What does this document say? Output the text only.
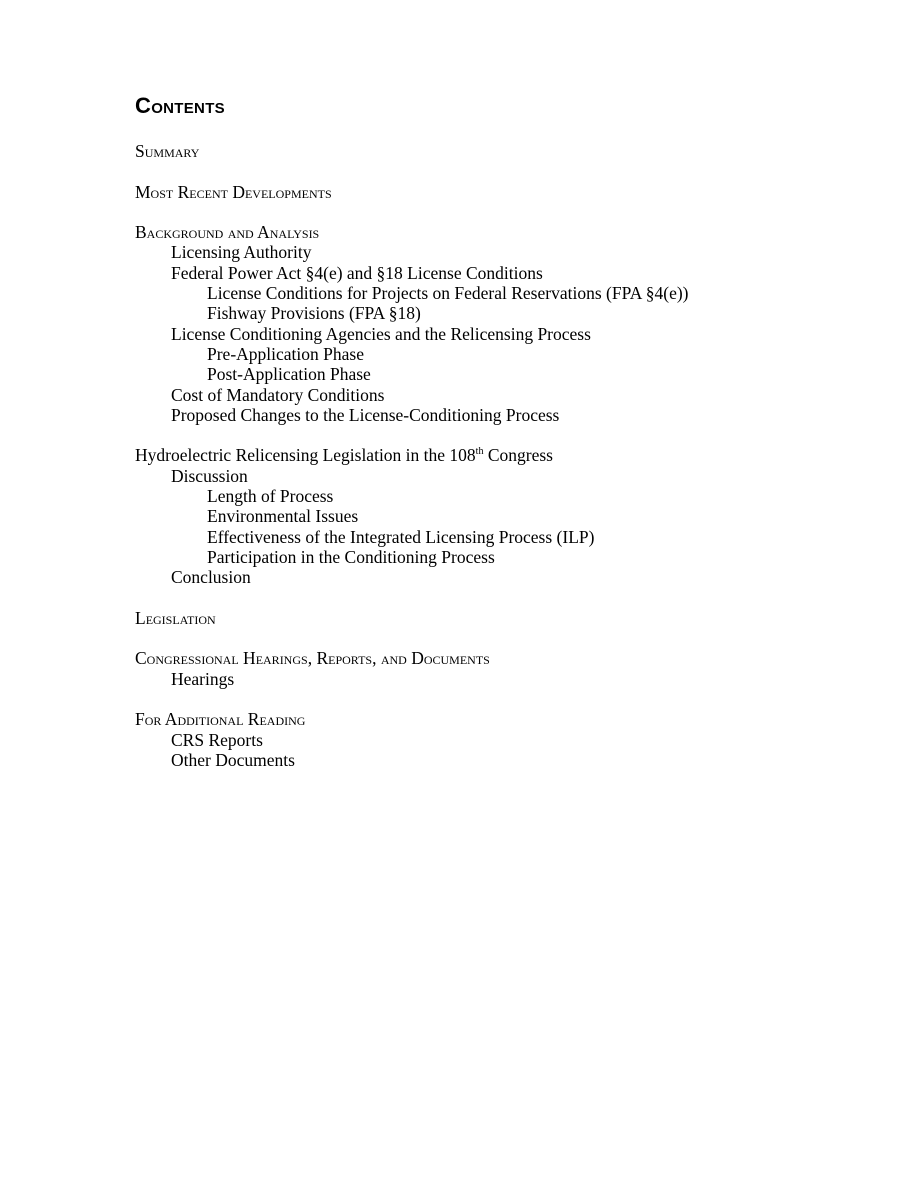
Contents
Summary
Most Recent Developments
Background and Analysis
Licensing Authority
Federal Power Act §4(e) and §18 License Conditions
License Conditions for Projects on Federal Reservations (FPA §4(e))
Fishway Provisions (FPA §18)
License Conditioning Agencies and the Relicensing Process
Pre-Application Phase
Post-Application Phase
Cost of Mandatory Conditions
Proposed Changes to the License-Conditioning Process
Hydroelectric Relicensing Legislation in the 108th Congress
Discussion
Length of Process
Environmental Issues
Effectiveness of the Integrated Licensing Process (ILP)
Participation in the Conditioning Process
Conclusion
Legislation
Congressional Hearings, Reports, and Documents
Hearings
For Additional Reading
CRS Reports
Other Documents
